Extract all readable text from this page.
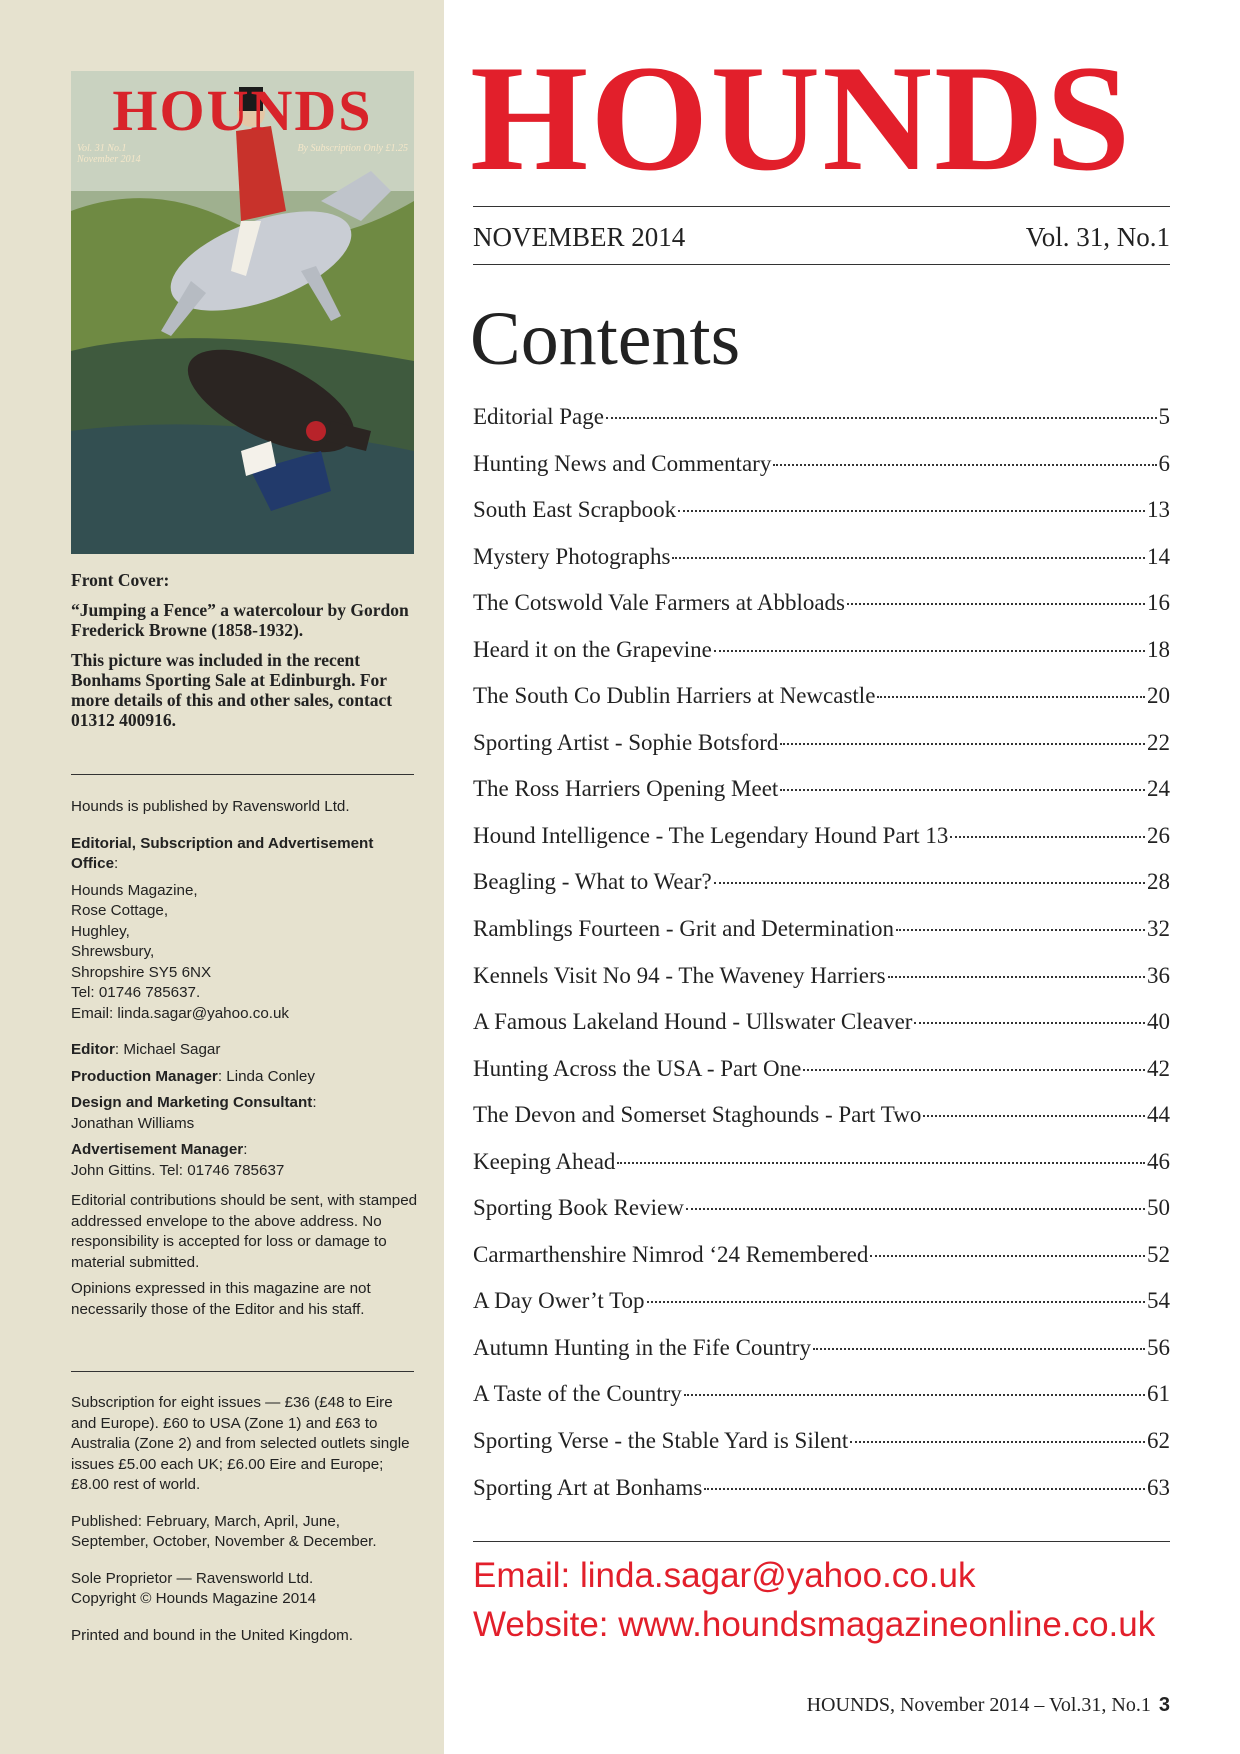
HOUNDS
Vol. 31 No.1
November 2014
By Subscription Only £1.25

Front Cover:

“Jumping a Fence” a watercolour by Gordon Frederick Browne (1858-1932).

This picture was included in the recent Bonhams Sporting Sale at Edinburgh. For more details of this and other sales, contact 01312 400916.

Hounds is published by Ravensworld Ltd.

Editorial, Subscription and Advertisement Office:

Hounds Magazine,

Rose Cottage,

Hughley,

Shrewsbury,

Shropshire SY5 6NX

Tel: 01746 785637.

Email: linda.sagar@yahoo.co.uk

Editor: Michael Sagar

Production Manager: Linda Conley

Design and Marketing Consultant:

Jonathan Williams

Advertisement Manager:

John Gittins. Tel: 01746 785637

Editorial contributions should be sent, with stamped addressed envelope to the above address. No responsibility is accepted for loss or damage to material submitted.

Opinions expressed in this magazine are not necessarily those of the Editor and his staff.

Subscription for eight issues — £36 (£48 to Eire and Europe). £60 to USA (Zone 1) and £63 to Australia (Zone 2) and from selected outlets single issues £5.00 each UK; £6.00 Eire and Europe; £8.00 rest of world.

Published: February, March, April, June, September, October, November & December.

Sole Proprietor — Ravensworld Ltd.

Copyright © Hounds Magazine 2014

Printed and bound in the United Kingdom.

HOUNDS
NOVEMBER 2014	Vol. 31, No.1
Contents
Editorial Page	5
Hunting News and Commentary	6
South East Scrapbook	13
Mystery Photographs	14
The Cotswold Vale Farmers at Abbloads	16
Heard it on the Grapevine	18
The South Co Dublin Harriers at Newcastle	20
Sporting Artist - Sophie Botsford	22
The Ross Harriers Opening Meet	24
Hound Intelligence - The Legendary Hound Part 13	26
Beagling - What to Wear?	28
Ramblings Fourteen - Grit and Determination	32
Kennels Visit No 94 - The Waveney Harriers	36
A Famous Lakeland Hound - Ullswater Cleaver	40
Hunting Across the USA - Part One	42
The Devon and Somerset Staghounds - Part Two	44
Keeping Ahead	46
Sporting Book Review	50
Carmarthenshire Nimrod ‘24 Remembered	52
A Day Ower’t Top	54
Autumn Hunting in the Fife Country	56
A Taste of the Country	61
Sporting Verse - the Stable Yard is Silent	62
Sporting Art at Bonhams	63
Email: linda.sagar@yahoo.co.uk
Website: www.houndsmagazineonline.co.uk
HOUNDS, November 2014 – Vol.31, No.1 3
